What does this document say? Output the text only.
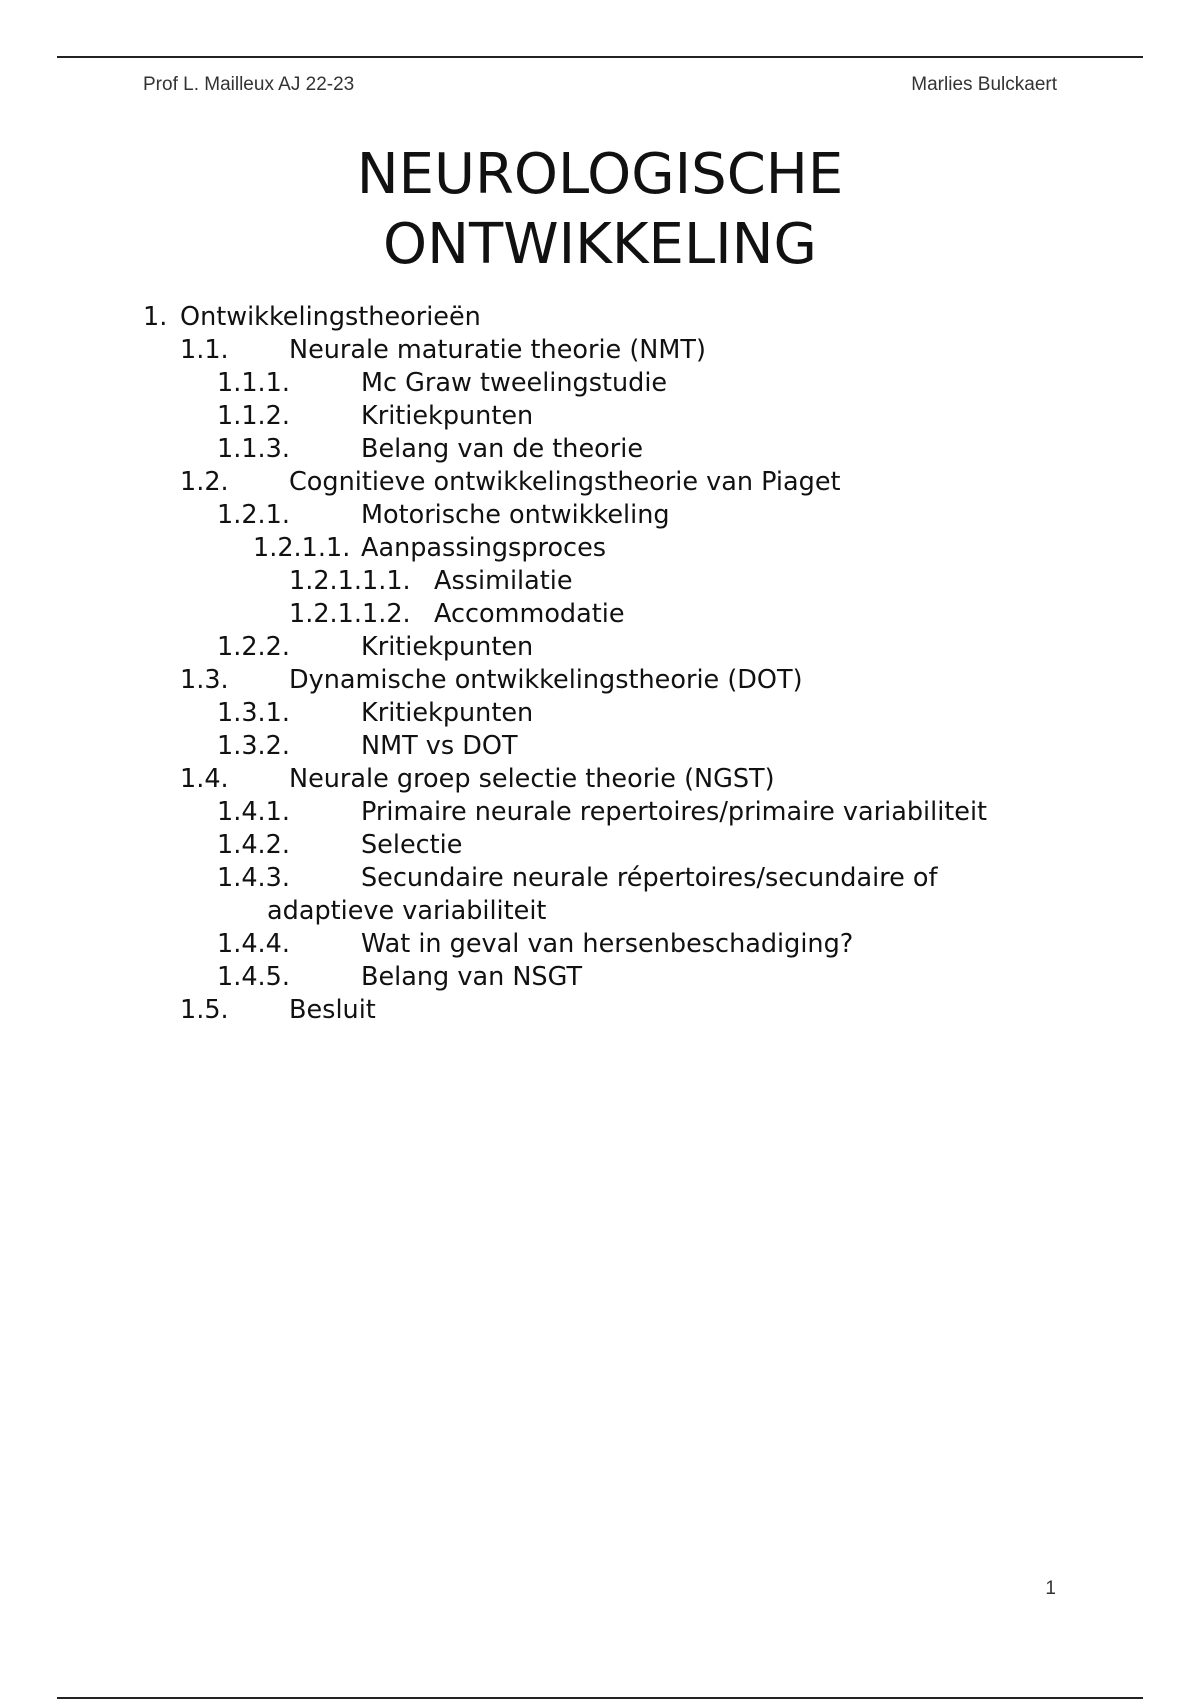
Prof L. Mailleux AJ 22-23	Marlies Bulckaert
NEUROLOGISCHE
ONTWIKKELING
1. Ontwikkelingstheorieën
1.1. Neurale maturatie theorie (NMT)
1.1.1.	Mc Graw tweelingstudie
1.1.2.	Kritiekpunten
1.1.3.	Belang van de theorie
1.2. Cognitieve ontwikkelingstheorie van Piaget
1.2.1.	Motorische ontwikkeling
1.2.1.1. Aanpassingsproces
1.2.1.1.1. Assimilatie
1.2.1.1.2. Accommodatie
1.2.2.	Kritiekpunten
1.3. Dynamische ontwikkelingstheorie (DOT)
1.3.1.	Kritiekpunten
1.3.2.	NMT vs DOT
1.4. Neurale groep selectie theorie (NGST)
1.4.1.	Primaire neurale repertoires/primaire variabiliteit
1.4.2.	Selectie
1.4.3.	Secundaire neurale répertoires/secundaire of
adaptieve variabiliteit
1.4.4.	Wat in geval van hersenbeschadiging?
1.4.5.	Belang van NSGT
1.5. Besluit
1
